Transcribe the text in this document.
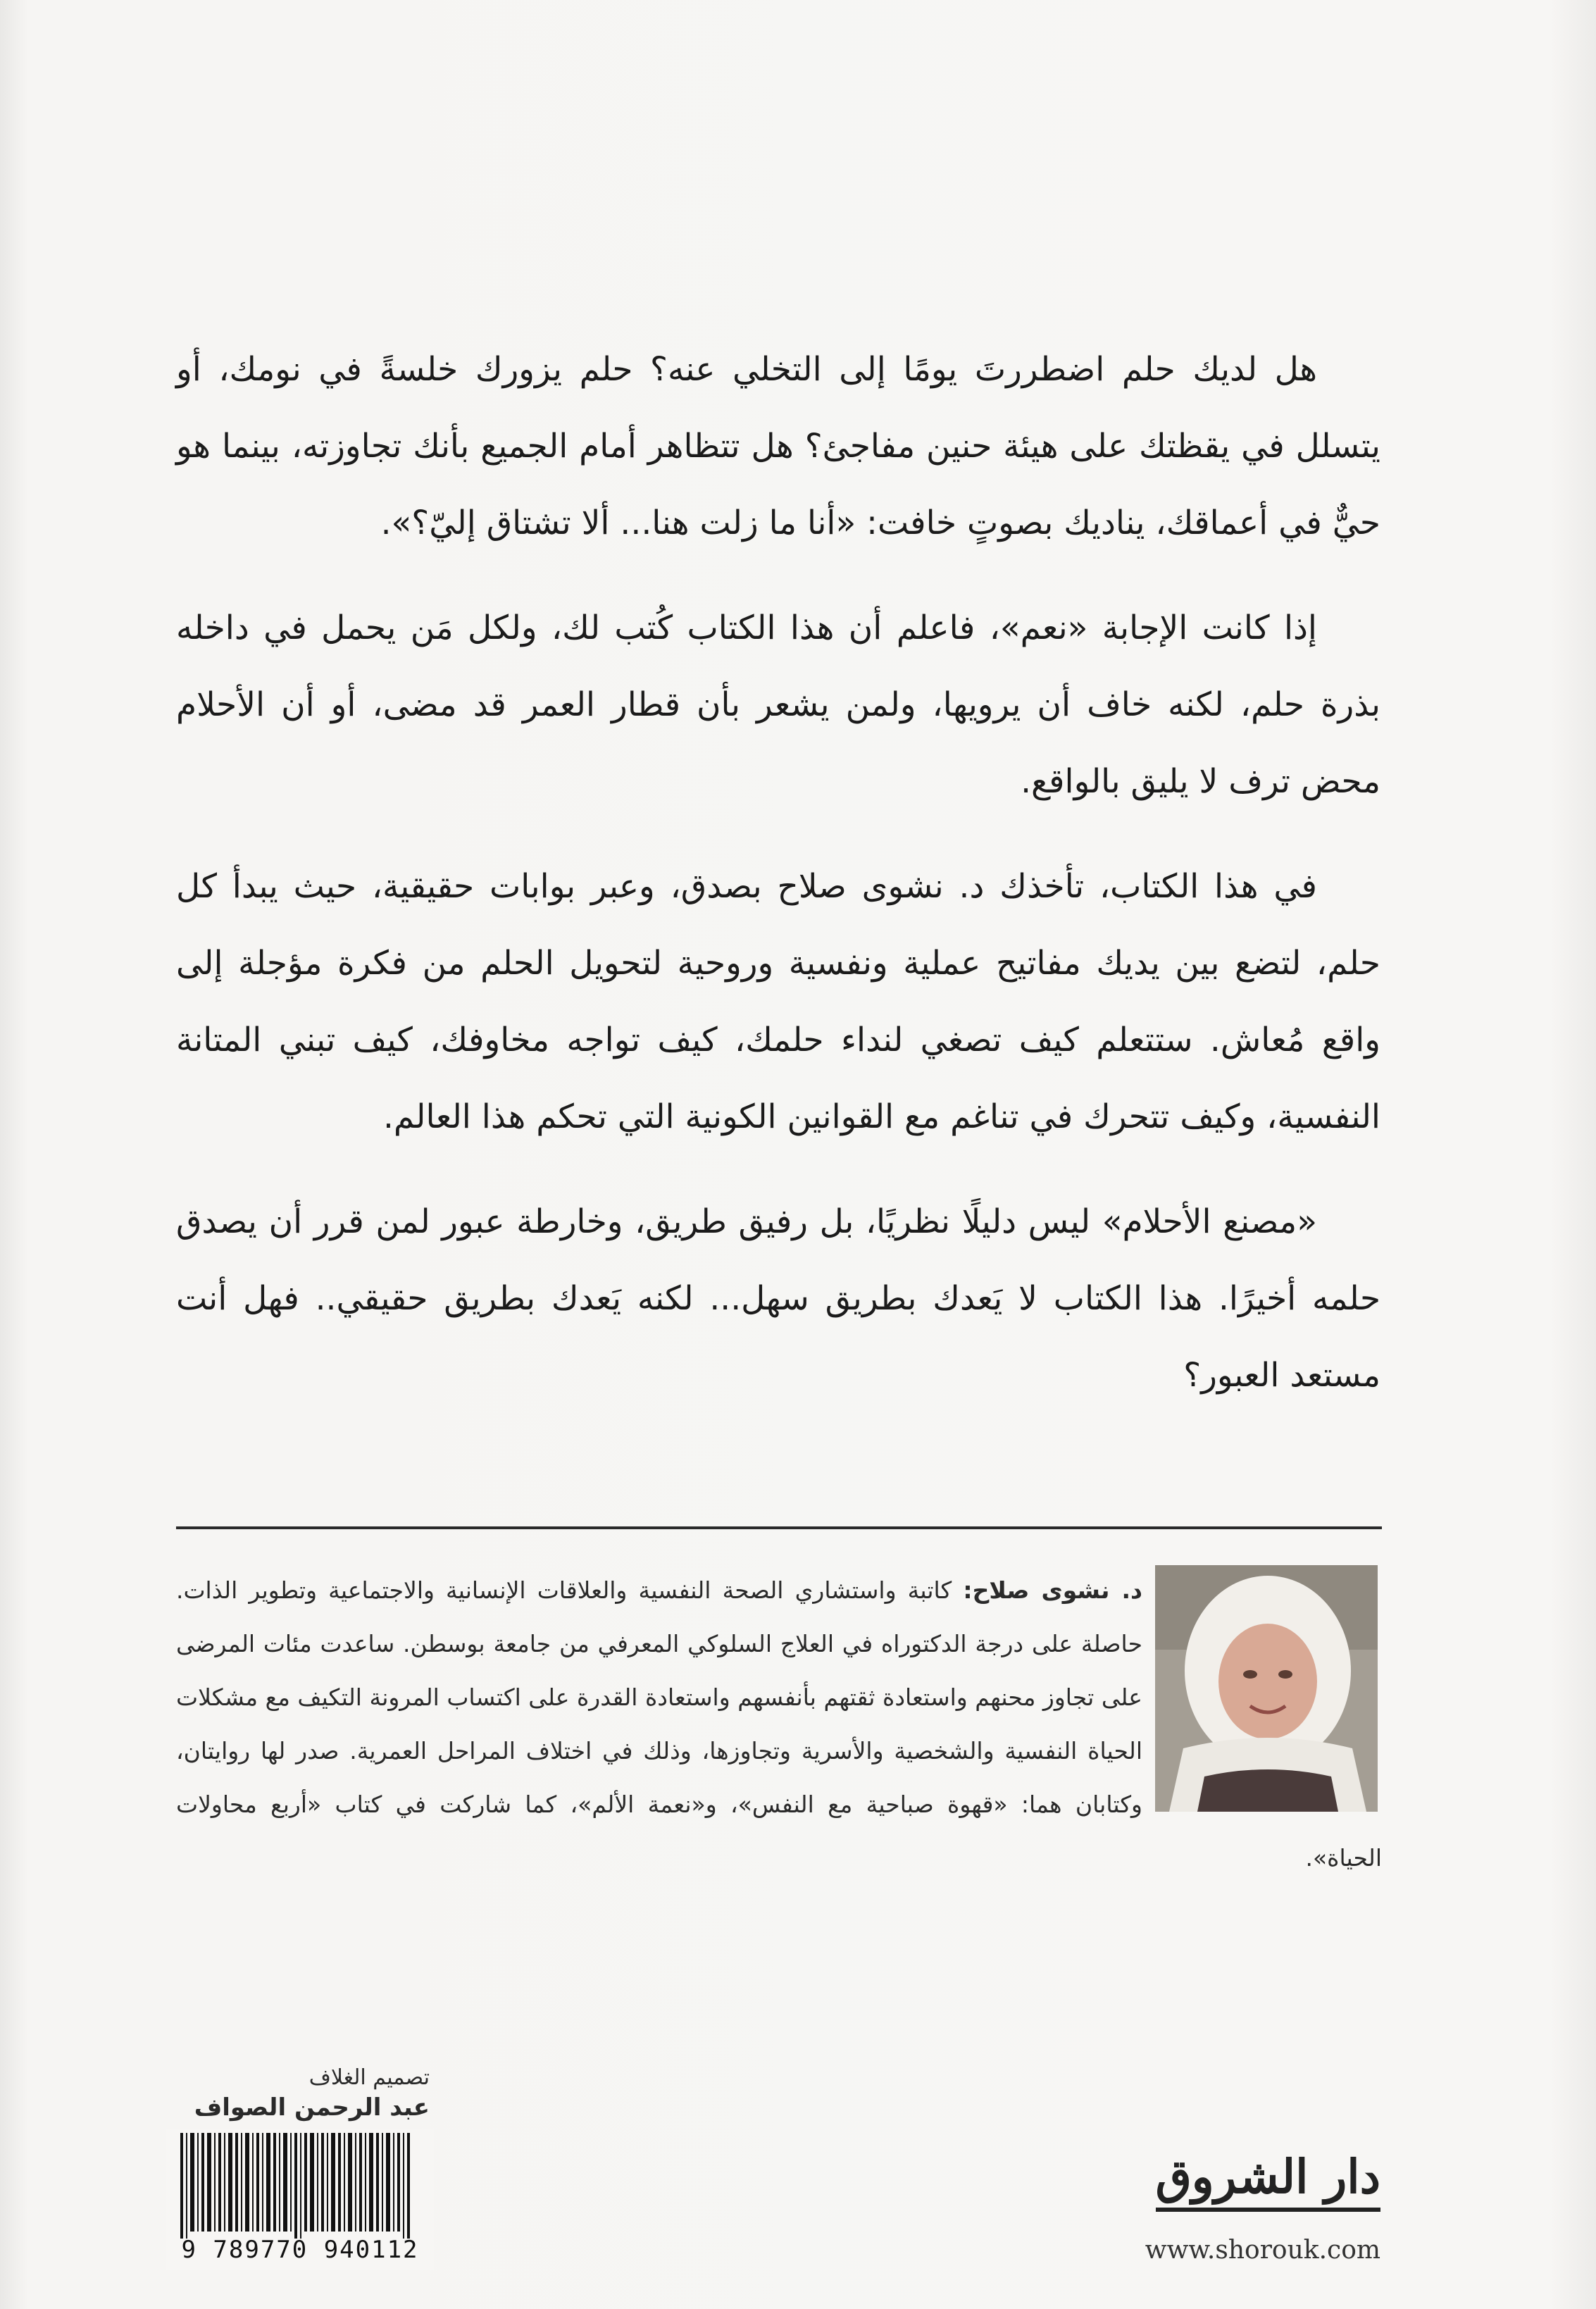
هل لديك حلم اضطررتَ يومًا إلى التخلي عنه؟ حلم يزورك خلسةً في نومك، أو يتسلل في يقظتك على هيئة حنين مفاجئ؟ هل تتظاهر أمام الجميع بأنك تجاوزته، بينما هو حيٌّ في أعماقك، يناديك بصوتٍ خافت: «أنا ما زلت هنا... ألا تشتاق إليّ؟».

إذا كانت الإجابة «نعم»، فاعلم أن هذا الكتاب كُتب لك، ولكل مَن يحمل في داخله بذرة حلم، لكنه خاف أن يرويها، ولمن يشعر بأن قطار العمر قد مضى، أو أن الأحلام محض ترف لا يليق بالواقع.

في هذا الكتاب، تأخذك د. نشوى صلاح بصدق، وعبر بوابات حقيقية، حيث يبدأ كل حلم، لتضع بين يديك مفاتيح عملية ونفسية وروحية لتحويل الحلم من فكرة مؤجلة إلى واقع مُعاش. ستتعلم كيف تصغي لنداء حلمك، كيف تواجه مخاوفك، كيف تبني المتانة النفسية، وكيف تتحرك في تناغم مع القوانين الكونية التي تحكم هذا العالم.

«مصنع الأحلام» ليس دليلًا نظريًا، بل رفيق طريق، وخارطة عبور لمن قرر أن يصدق حلمه أخيرًا. هذا الكتاب لا يَعدك بطريق سهل... لكنه يَعدك بطريق حقيقي.. فهل أنت مستعد العبور؟

د. نشوى صلاح: كاتبة واستشاري الصحة النفسية والعلاقات الإنسانية والاجتماعية وتطوير الذات. حاصلة على درجة الدكتوراه في العلاج السلوكي المعرفي من جامعة بوسطن. ساعدت مئات المرضى على تجاوز محنهم واستعادة ثقتهم بأنفسهم واستعادة القدرة على اكتساب المرونة التكيف مع مشكلات الحياة النفسية والشخصية والأسرية وتجاوزها، وذلك في اختلاف المراحل العمرية. صدر لها روايتان، وكتابان هما: «قهوة صباحية مع النفس»، و«نعمة الألم»، كما شاركت في كتاب «أربع محاولات الحياة».
تصميم الغلاف
عبد الرحمن الصواف
9 789770 940112
دار الشروق
www.shorouk.com
